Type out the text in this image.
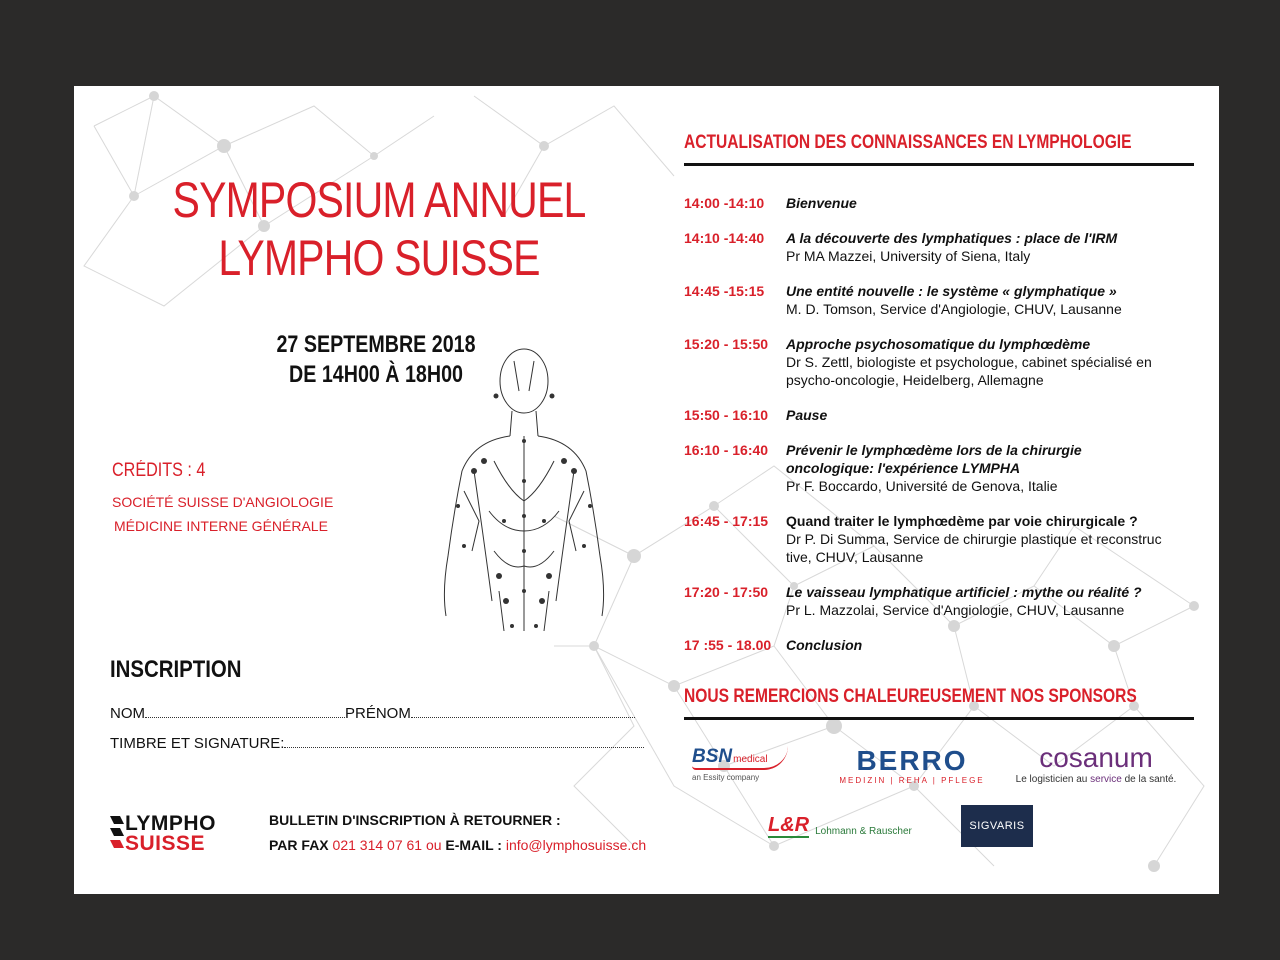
SYMPOSIUM ANNUEL
LYMPHO SUISSE
27 SEPTEMBRE 2018
DE 14H00 À 18H00
CRÉDITS : 4
SOCIÉTÉ SUISSE D'ANGIOLOGIE
MÉDICINE INTERNE GÉNÉRALE
INSCRIPTION
NOM	PRÉNOM
TIMBRE ET SIGNATURE:
LYMPHO
SUISSE
BULLETIN D'INSCRIPTION À RETOURNER :
PAR FAX 021 314 07 61 ou E-MAIL : info@lymphosuisse.ch
ACTUALISATION DES CONNAISSANCES EN LYMPHOLOGIE
14:00 -14:10	Bienvenue
14:10 -14:40	A la découverte des lymphatiques : place de l'IRM
Pr MA Mazzei, University of Siena, Italy
14:45 -15:15	Une entité nouvelle : le système « glymphatique »
M. D. Tomson, Service d'Angiologie, CHUV, Lausanne
15:20 - 15:50	Approche psychosomatique du lymphœdème
Dr S. Zettl, biologiste et psychologue, cabinet spécialisé en psycho-oncologie, Heidelberg, Allemagne
15:50 - 16:10	Pause
16:10 - 16:40	Prévenir le lymphœdème lors de la chirurgie oncologique: l'expérience LYMPHA
Pr F. Boccardo, Université de Genova, Italie
16:45 - 17:15	Quand traiter le lymphœdème par voie chirurgicale ?
Dr P. Di Summa, Service de chirurgie plastique et reconstruc tive, CHUV, Lausanne
17:20 - 17:50	Le vaisseau lymphatique artificiel : mythe ou réalité ?
Pr L. Mazzolai, Service d'Angiologie, CHUV, Lausanne
17 :55 - 18.00	Conclusion
NOUS REMERCIONS CHALEUREUSEMENT NOS SPONSORS
BSN medical
an Essity company
BERRO
MEDIZIN | REHA | PFLEGE
cosanum
Le logisticien au service de la santé.
L&R Lohmann & Rauscher	SIGVARIS
